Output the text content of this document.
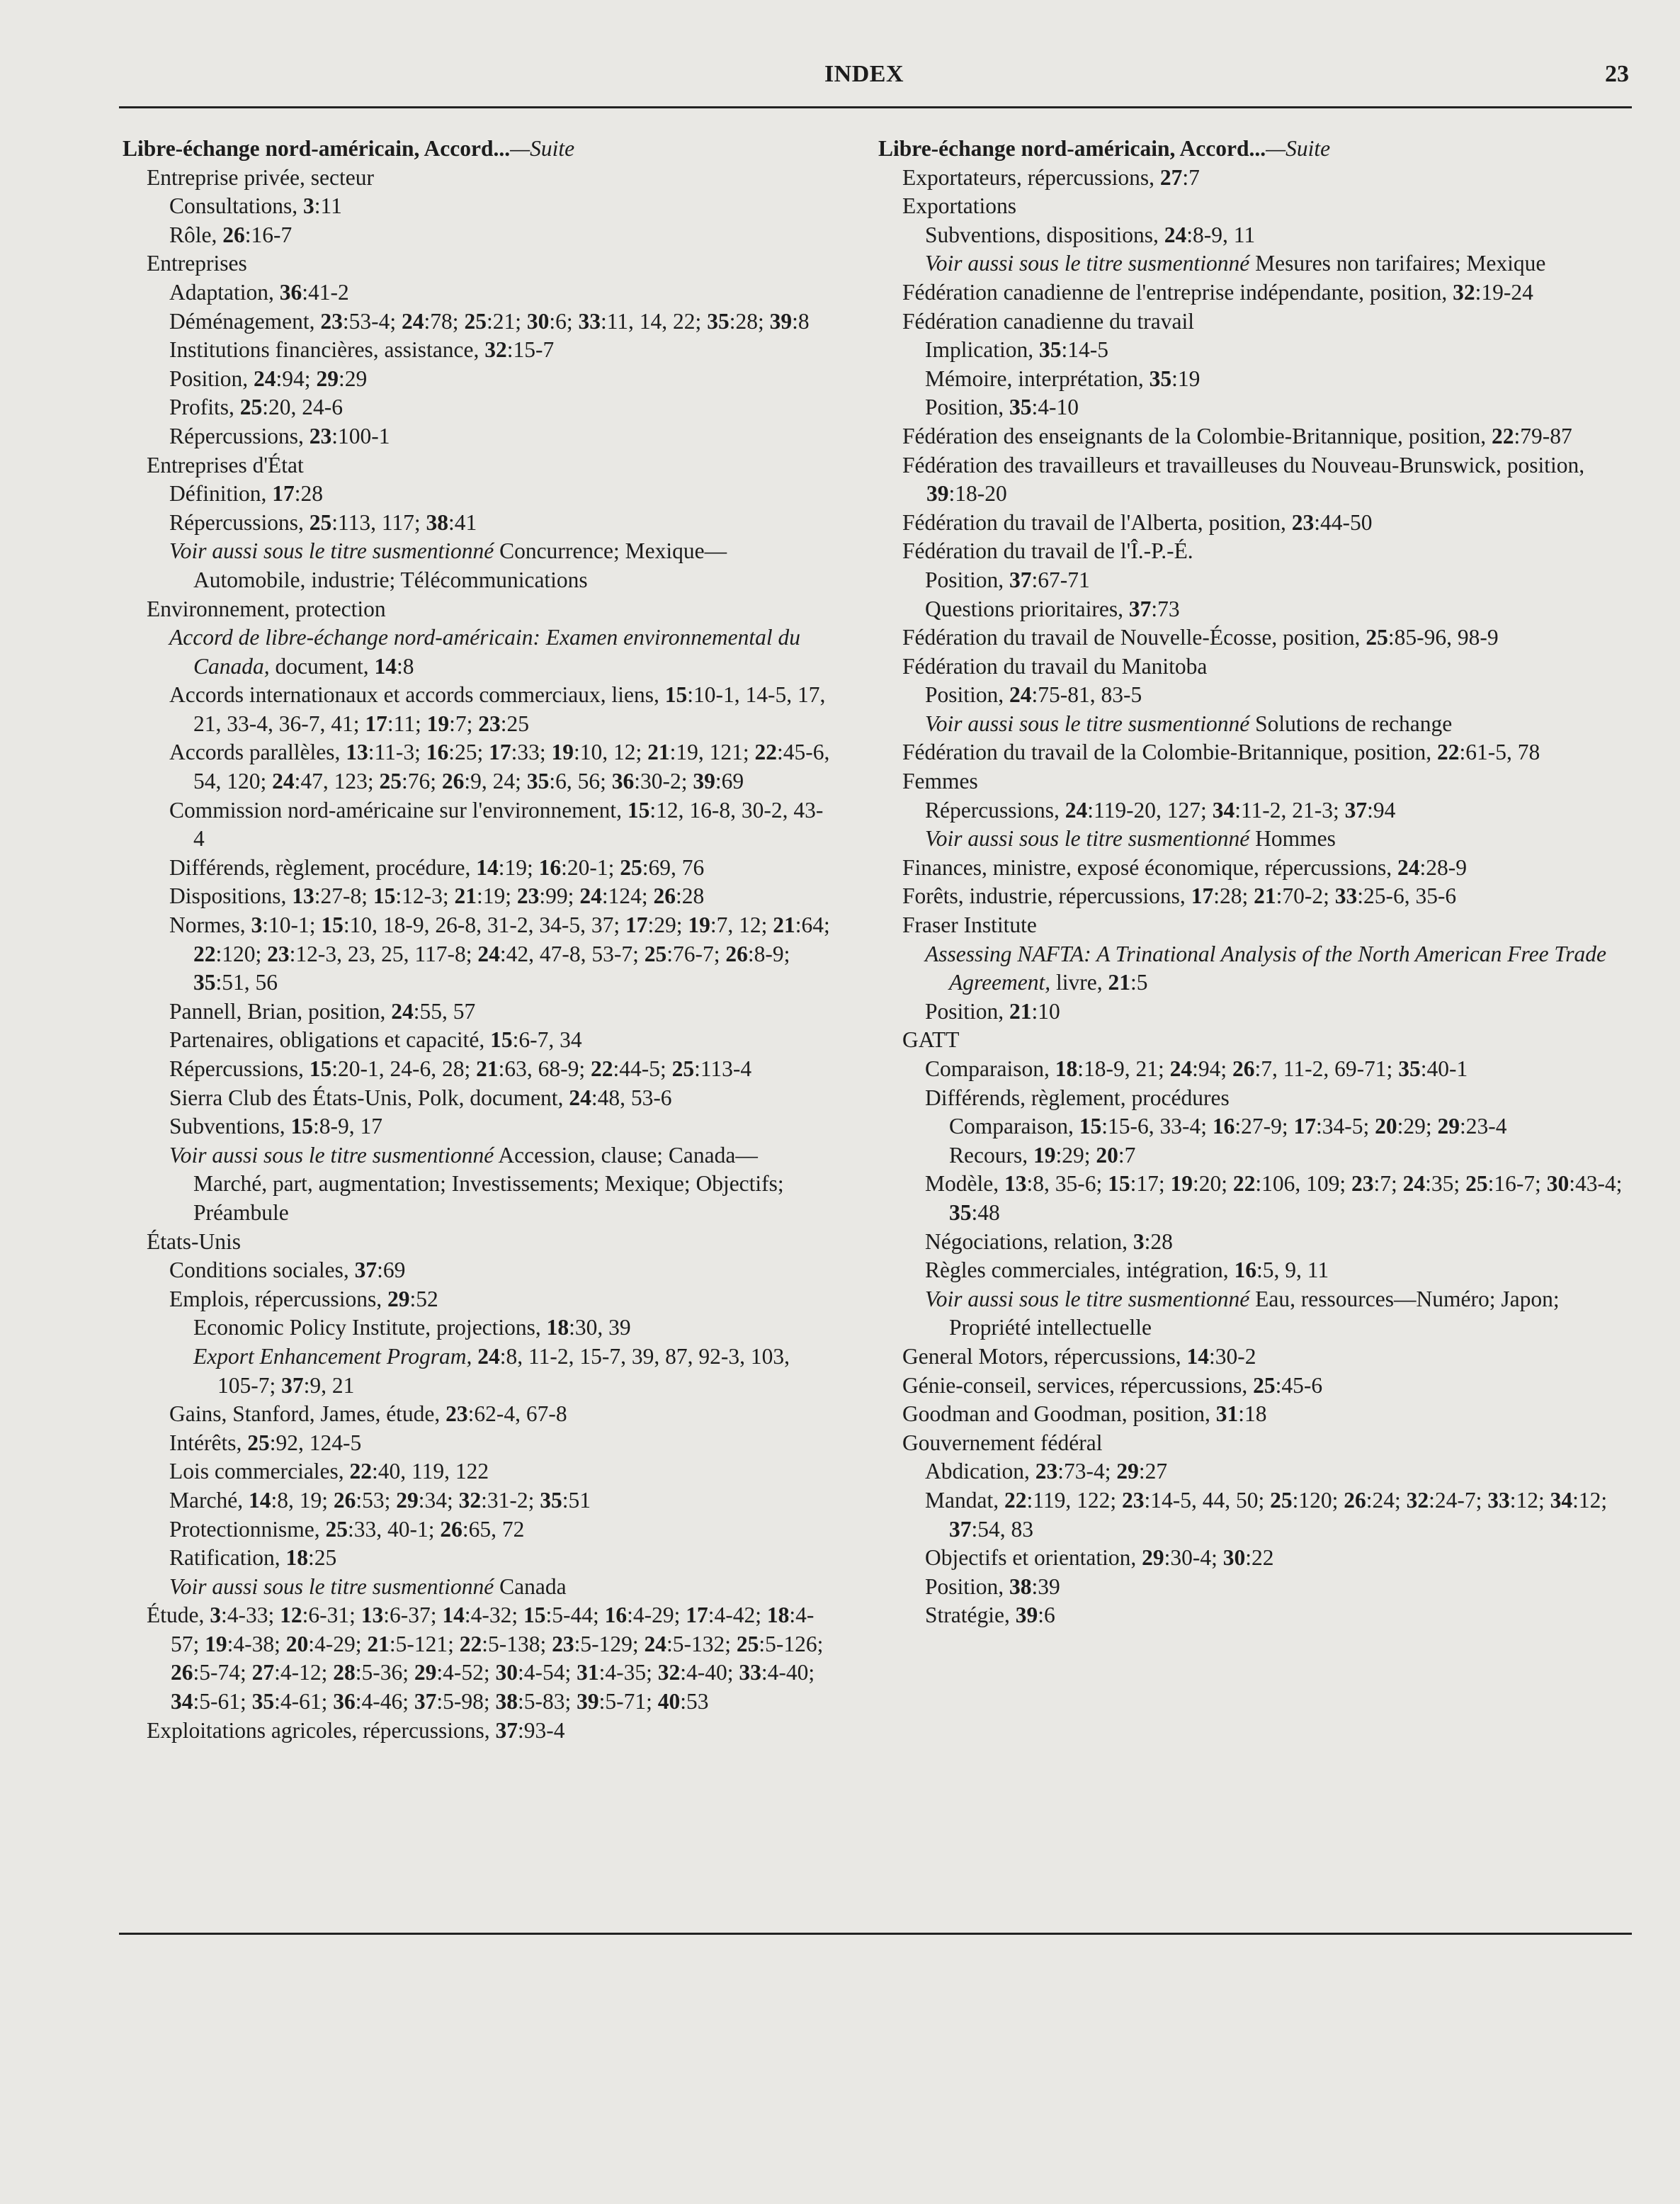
INDEX	23
Libre-échange nord-américain, Accord...—Suite
Entreprise privée, secteur
Consultations, 3:11
Rôle, 26:16-7
Entreprises
Adaptation, 36:41-2
Déménagement, 23:53-4; 24:78; 25:21; 30:6; 33:11, 14, 22; 35:28; 39:8
Institutions financières, assistance, 32:15-7
Position, 24:94; 29:29
Profits, 25:20, 24-6
Répercussions, 23:100-1
Entreprises d'État
Définition, 17:28
Répercussions, 25:113, 117; 38:41
Voir aussi sous le titre susmentionné Concurrence; Mexique—Automobile, industrie; Télécommunications
Environnement, protection
Accord de libre-échange nord-américain: Examen environnemental du Canada, document, 14:8
Accords internationaux et accords commerciaux, liens, 15:10-1, 14-5, 17, 21, 33-4, 36-7, 41; 17:11; 19:7; 23:25
Accords parallèles, 13:11-3; 16:25; 17:33; 19:10, 12; 21:19, 121; 22:45-6, 54, 120; 24:47, 123; 25:76; 26:9, 24; 35:6, 56; 36:30-2; 39:69
Commission nord-américaine sur l'environnement, 15:12, 16-8, 30-2, 43-4
Différends, règlement, procédure, 14:19; 16:20-1; 25:69, 76
Dispositions, 13:27-8; 15:12-3; 21:19; 23:99; 24:124; 26:28
Normes, 3:10-1; 15:10, 18-9, 26-8, 31-2, 34-5, 37; 17:29; 19:7, 12; 21:64; 22:120; 23:12-3, 23, 25, 117-8; 24:42, 47-8, 53-7; 25:76-7; 26:8-9; 35:51, 56
Pannell, Brian, position, 24:55, 57
Partenaires, obligations et capacité, 15:6-7, 34
Répercussions, 15:20-1, 24-6, 28; 21:63, 68-9; 22:44-5; 25:113-4
Sierra Club des États-Unis, Polk, document, 24:48, 53-6
Subventions, 15:8-9, 17
Voir aussi sous le titre susmentionné Accession, clause; Canada—Marché, part, augmentation; Investissements; Mexique; Objectifs; Préambule
États-Unis
Conditions sociales, 37:69
Emplois, répercussions, 29:52
Economic Policy Institute, projections, 18:30, 39
Export Enhancement Program, 24:8, 11-2, 15-7, 39, 87, 92-3, 103, 105-7; 37:9, 21
Gains, Stanford, James, étude, 23:62-4, 67-8
Intérêts, 25:92, 124-5
Lois commerciales, 22:40, 119, 122
Marché, 14:8, 19; 26:53; 29:34; 32:31-2; 35:51
Protectionnisme, 25:33, 40-1; 26:65, 72
Ratification, 18:25
Voir aussi sous le titre susmentionné Canada
Étude, 3:4-33; 12:6-31; 13:6-37; 14:4-32; 15:5-44; 16:4-29; 17:4-42; 18:4-57; 19:4-38; 20:4-29; 21:5-121; 22:5-138; 23:5-129; 24:5-132; 25:5-126; 26:5-74; 27:4-12; 28:5-36; 29:4-52; 30:4-54; 31:4-35; 32:4-40; 33:4-40; 34:5-61; 35:4-61; 36:4-46; 37:5-98; 38:5-83; 39:5-71; 40:53
Exploitations agricoles, répercussions, 37:93-4
Libre-échange nord-américain, Accord...—Suite
Exportateurs, répercussions, 27:7
Exportations
Subventions, dispositions, 24:8-9, 11
Voir aussi sous le titre susmentionné Mesures non tarifaires; Mexique
Fédération canadienne de l'entreprise indépendante, position, 32:19-24
Fédération canadienne du travail
Implication, 35:14-5
Mémoire, interprétation, 35:19
Position, 35:4-10
Fédération des enseignants de la Colombie-Britannique, position, 22:79-87
Fédération des travailleurs et travailleuses du Nouveau-Brunswick, position, 39:18-20
Fédération du travail de l'Alberta, position, 23:44-50
Fédération du travail de l'Î.-P.-É.
Position, 37:67-71
Questions prioritaires, 37:73
Fédération du travail de Nouvelle-Écosse, position, 25:85-96, 98-9
Fédération du travail du Manitoba
Position, 24:75-81, 83-5
Voir aussi sous le titre susmentionné Solutions de rechange
Fédération du travail de la Colombie-Britannique, position, 22:61-5, 78
Femmes
Répercussions, 24:119-20, 127; 34:11-2, 21-3; 37:94
Voir aussi sous le titre susmentionné Hommes
Finances, ministre, exposé économique, répercussions, 24:28-9
Forêts, industrie, répercussions, 17:28; 21:70-2; 33:25-6, 35-6
Fraser Institute
Assessing NAFTA: A Trinational Analysis of the North American Free Trade Agreement, livre, 21:5
Position, 21:10
GATT
Comparaison, 18:18-9, 21; 24:94; 26:7, 11-2, 69-71; 35:40-1
Différends, règlement, procédures
Comparaison, 15:15-6, 33-4; 16:27-9; 17:34-5; 20:29; 29:23-4
Recours, 19:29; 20:7
Modèle, 13:8, 35-6; 15:17; 19:20; 22:106, 109; 23:7; 24:35; 25:16-7; 30:43-4; 35:48
Négociations, relation, 3:28
Règles commerciales, intégration, 16:5, 9, 11
Voir aussi sous le titre susmentionné Eau, ressources—Numéro; Japon; Propriété intellectuelle
General Motors, répercussions, 14:30-2
Génie-conseil, services, répercussions, 25:45-6
Goodman and Goodman, position, 31:18
Gouvernement fédéral
Abdication, 23:73-4; 29:27
Mandat, 22:119, 122; 23:14-5, 44, 50; 25:120; 26:24; 32:24-7; 33:12; 34:12; 37:54, 83
Objectifs et orientation, 29:30-4; 30:22
Position, 38:39
Stratégie, 39:6
